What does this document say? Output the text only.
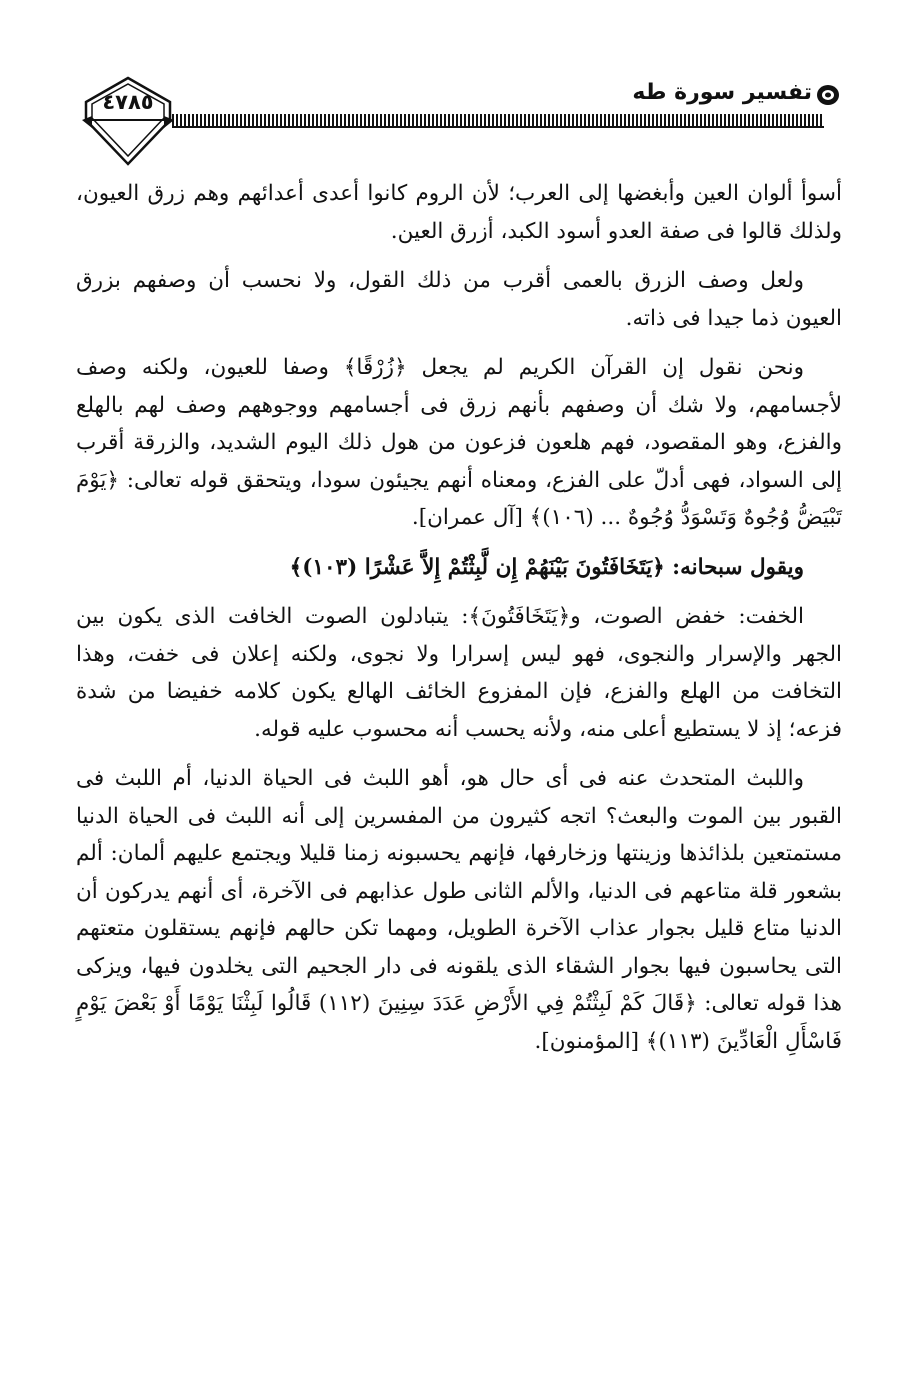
تفسير سورة طه
٤٧٨٥

أسوأ ألوان العين وأبغضها إلى العرب؛ لأن الروم كانوا أعدى أعدائهم وهم زرق العيون، ولذلك قالوا فى صفة العدو أسود الكبد، أزرق العين.

ولعل وصف الزرق بالعمى أقرب من ذلك القول، ولا نحسب أن وصفهم بزرق العيون ذما جيدا فى ذاته.

ونحن نقول إن القرآن الكريم لم يجعل ﴿زُرْقًا﴾ وصفا للعيون، ولكنه وصف لأجسامهم، ولا شك أن وصفهم بأنهم زرق فى أجسامهم ووجوههم وصف لهم بالهلع والفزع، وهو المقصود، فهم هلعون فزعون من هول ذلك اليوم الشديد، والزرقة أقرب إلى السواد، فهى أدلّ على الفزع، ومعناه أنهم يجيئون سودا، ويتحقق قوله تعالى: ﴿يَوْمَ تَبْيَضُّ وُجُوهٌ وَتَسْوَدُّ وُجُوهٌ ... (١٠٦)﴾ [آل عمران].

ويقول سبحانه: ﴿يَتَخَافَتُونَ بَيْنَهُمْ إِن لَّبِثْتُمْ إِلاَّ عَشْرًا (١٠٣)﴾

الخفت: خفض الصوت، و﴿يَتَخَافَتُونَ﴾: يتبادلون الصوت الخافت الذى يكون بين الجهر والإسرار والنجوى، فهو ليس إسرارا ولا نجوى، ولكنه إعلان فى خفت، وهذا التخافت من الهلع والفزع، فإن المفزوع الخائف الهالع يكون كلامه خفيضا من شدة فزعه؛ إذ لا يستطيع أعلى منه، ولأنه يحسب أنه محسوب عليه قوله.

واللبث المتحدث عنه فى أى حال هو، أهو اللبث فى الحياة الدنيا، أم اللبث فى القبور بين الموت والبعث؟ اتجه كثيرون من المفسرين إلى أنه اللبث فى الحياة الدنيا مستمتعين بلذائذها وزينتها وزخارفها، فإنهم يحسبونه زمنا قليلا ويجتمع عليهم ألمان: ألم بشعور قلة متاعهم فى الدنيا، والألم الثانى طول عذابهم فى الآخرة، أى أنهم يدركون أن الدنيا متاع قليل بجوار عذاب الآخرة الطويل، ومهما تكن حالهم فإنهم يستقلون متعتهم التى يحاسبون فيها بجوار الشقاء الذى يلقونه فى دار الجحيم التى يخلدون فيها، ويزكى هذا قوله تعالى: ﴿قَالَ كَمْ لَبِثْتُمْ فِي الأَرْضِ عَدَدَ سِنِينَ (١١٢) قَالُوا لَبِثْنَا يَوْمًا أَوْ بَعْضَ يَوْمٍ فَاسْأَلِ الْعَادِّينَ (١١٣)﴾ [المؤمنون].
